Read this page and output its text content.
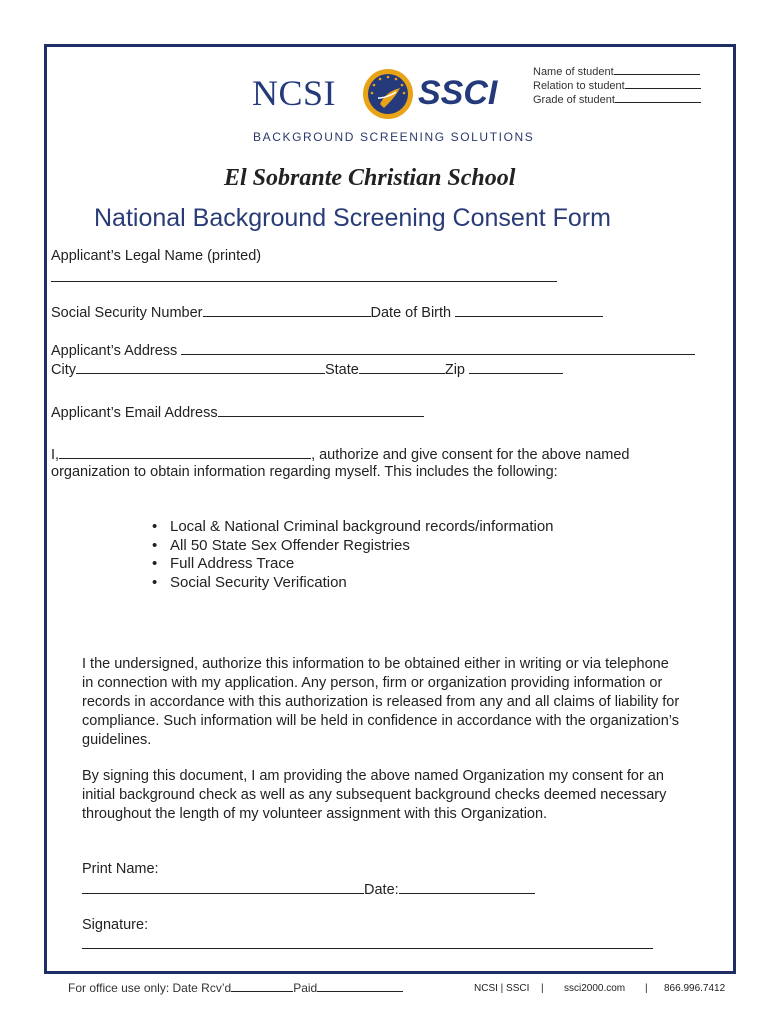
NCSI SSCI
BACKGROUND SCREENING SOLUTIONS
Name of student
Relation to student
Grade of student
El Sobrante Christian School
National Background Screening Consent Form
Applicant’s Legal Name (printed)
Social Security Number	Date of Birth
Applicant’s Address
City	State	Zip
Applicant’s Email Address
I,	, authorize and give consent for the above named
organization to obtain information regarding myself. This includes the following:
• Local & National Criminal background records/information
• All 50 State Sex Offender Registries
• Full Address Trace
• Social Security Verification
I the undersigned, authorize this information to be obtained either in writing or via telephone in connection with my application. Any person, firm or organization providing information or records in accordance with this authorization is released from any and all claims of liability for compliance. Such information will be held in confidence in accordance with the organization’s guidelines.
By signing this document, I am providing the above named Organization my consent for an initial background check as well as any subsequent background checks deemed necessary throughout the length of my volunteer assignment with this Organization.
Print Name:
Date:
Signature:
For office use only: Date Rcv’d	Paid	NCSI | SSCI | ssci2000.com | 866.996.7412
